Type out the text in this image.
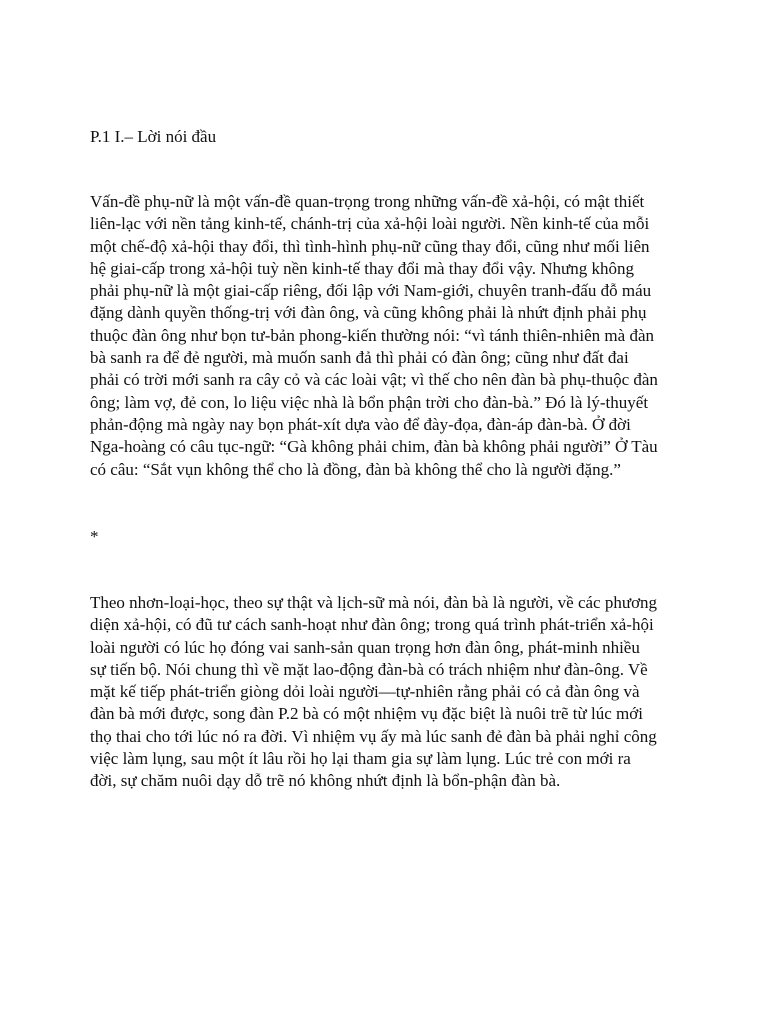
P.1 I.– Lời nói đầu
Vấn-đề phụ-nữ là một vấn-đề quan-trọng trong những vấn-đề xả-hội, có mật thiết
liên-lạc với nền tảng kinh-tế, chánh-trị của xả-hội loài người. Nền kinh-tế của mỗi
một chế-độ xả-hội thay đổi, thì tình-hình phụ-nữ cũng thay đổi, cũng như mối liên
hệ giai-cấp trong xả-hội tuỳ nền kinh-tế thay đổi mà thay đổi vậy. Nhưng không
phải phụ-nữ là một giai-cấp riêng, đối lập với Nam-giới, chuyên tranh-đấu đỗ máu
đặng dành quyền thống-trị với đàn ông, và cũng không phải là nhứt định phải phụ
thuộc đàn ông như bọn tư-bản phong-kiến thường nói: “vì tánh thiên-nhiên mà đàn
bà sanh ra để đẻ người, mà muốn sanh đả thì phải có đàn ông; cũng như đất đai
phải có trời mới sanh ra cây cỏ và các loài vật; vì thế cho nên đàn bà phụ-thuộc đàn
ông; làm vợ, đẻ con, lo liệu việc nhà là bổn phận trời cho đàn-bà.” Đó là lý-thuyết
phản-động mà ngày nay bọn phát-xít dựa vào để đày-đọa, đàn-áp đàn-bà. Ở đời
Nga-hoàng có câu tục-ngữ: “Gà không phải chim, đàn bà không phải người” Ở Tàu
có câu: “Sắt vụn không thể cho là đồng, đàn bà không thể cho là người đặng.”
*
Theo nhơn-loại-học, theo sự thật và lịch-sữ mà nói, đàn bà là người, về các phương
diện xả-hội, có đũ tư cách sanh-hoạt như đàn ông; trong quá trình phát-triển xả-hội
loài người có lúc họ đóng vai sanh-sản quan trọng hơn đàn ông, phát-minh nhiều
sự tiến bộ. Nói chung thì về mặt lao-động đàn-bà có trách nhiệm như đàn-ông. Về
mặt kế tiếp phát-triển giòng dỏi loài người—tự-nhiên rằng phải có cả đàn ông và
đàn bà mới được, song đàn P.2 bà có một nhiệm vụ đặc biệt là nuôi trẽ từ lúc mới
thọ thai cho tới lúc nó ra đời. Vì nhiệm vụ ấy mà lúc sanh đẻ đàn bà phải nghỉ công
việc làm lụng, sau một ít lâu rồi họ lại tham gia sự làm lụng. Lúc trẻ con mới ra
đời, sự chăm nuôi dạy dỗ trẽ nó không nhứt định là bổn-phận đàn bà.
